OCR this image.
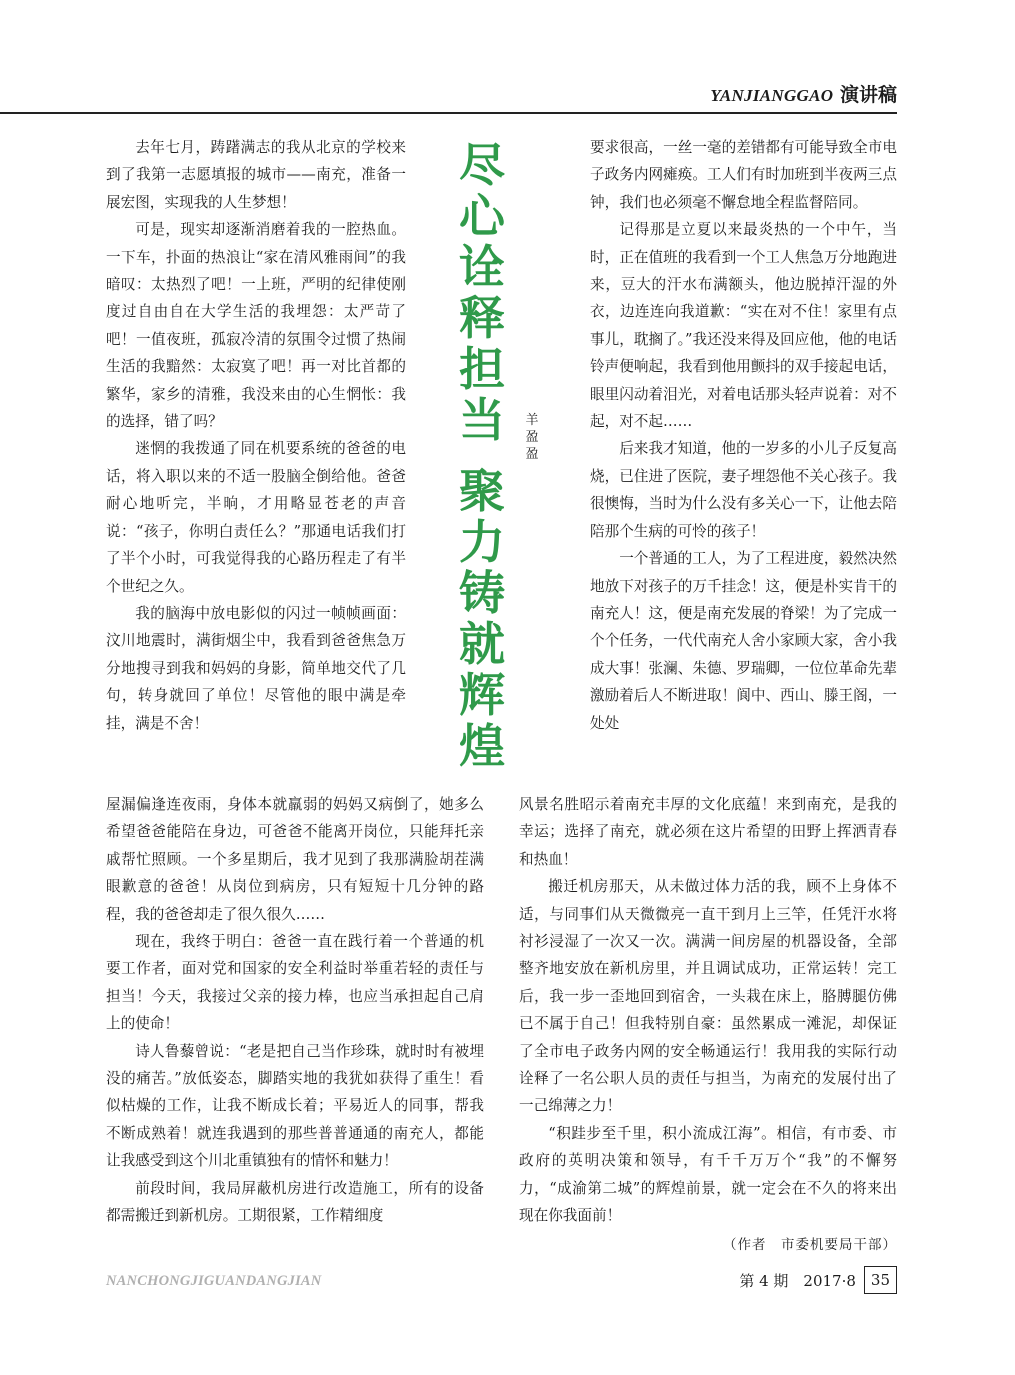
YANJIANGGAO 演讲稿
尽
心
诠
释
担
当
聚
力
铸
就
辉
煌
羊
盈
盈

去年七月，踌躇满志的我从北京的学校来到了我第一志愿填报的城市——南充，准备一展宏图，实现我的人生梦想！

可是，现实却逐渐消磨着我的一腔热血。一下车，扑面的热浪让“家在清风雅雨间”的我暗叹：太热烈了吧！一上班，严明的纪律使刚度过自由自在大学生活的我埋怨：太严苛了吧！一值夜班，孤寂冷清的氛围令过惯了热闹生活的我黯然：太寂寞了吧！再一对比首都的繁华，家乡的清雅，我没来由的心生惘怅：我的选择，错了吗？

迷惘的我拨通了同在机要系统的爸爸的电话，将入职以来的不适一股脑全倒给他。爸爸耐心地听完，半晌，才用略显苍老的声音说：“孩子，你明白责任么？”那通电话我们打了半个小时，可我觉得我的心路历程走了有半个世纪之久。

我的脑海中放电影似的闪过一帧帧画面：汶川地震时，满街烟尘中，我看到爸爸焦急万分地搜寻到我和妈妈的身影，简单地交代了几句，转身就回了单位！尽管他的眼中满是牵挂，满是不舍！

屋漏偏逢连夜雨，身体本就羸弱的妈妈又病倒了，她多么希望爸爸能陪在身边，可爸爸不能离开岗位，只能拜托亲戚帮忙照顾。一个多星期后，我才见到了我那满脸胡茬满眼歉意的爸爸！从岗位到病房，只有短短十几分钟的路程，我的爸爸却走了很久很久……

现在，我终于明白：爸爸一直在践行着一个普通的机要工作者，面对党和国家的安全利益时举重若轻的责任与担当！今天，我接过父亲的接力棒，也应当承担起自己肩上的使命！

诗人鲁藜曾说：“老是把自己当作珍珠，就时时有被埋没的痛苦。”放低姿态，脚踏实地的我犹如获得了重生！看似枯燥的工作，让我不断成长着；平易近人的同事，帮我不断成熟着！就连我遇到的那些普普通通的南充人，都能让我感受到这个川北重镇独有的情怀和魅力！

前段时间，我局屏蔽机房进行改造施工，所有的设备都需搬迁到新机房。工期很紧，工作精细度

要求很高，一丝一毫的差错都有可能导致全市电子政务内网瘫痪。工人们有时加班到半夜两三点钟，我们也必须毫不懈怠地全程监督陪同。

记得那是立夏以来最炎热的一个中午，当时，正在值班的我看到一个工人焦急万分地跑进来，豆大的汗水布满额头，他边脱掉汗湿的外衣，边连连向我道歉：“实在对不住！家里有点事儿，耽搁了。”我还没来得及回应他，他的电话铃声便响起，我看到他用颤抖的双手接起电话，眼里闪动着泪光，对着电话那头轻声说着：对不起，对不起……

后来我才知道，他的一岁多的小儿子反复高烧，已住进了医院，妻子埋怨他不关心孩子。我很懊悔，当时为什么没有多关心一下，让他去陪陪那个生病的可怜的孩子！

一个普通的工人，为了工程进度，毅然决然地放下对孩子的万千挂念！这，便是朴实肯干的南充人！这，便是南充发展的脊梁！为了完成一个个任务，一代代南充人舍小家顾大家，舍小我成大事！张澜、朱德、罗瑞卿，一位位革命先辈激励着后人不断进取！阆中、西山、滕王阁，一处处

风景名胜昭示着南充丰厚的文化底蕴！来到南充，是我的幸运；选择了南充，就必须在这片希望的田野上挥洒青春和热血！

搬迁机房那天，从未做过体力活的我，顾不上身体不适，与同事们从天微微亮一直干到月上三竿，任凭汗水将衬衫浸湿了一次又一次。满满一间房屋的机器设备，全部整齐地安放在新机房里，并且调试成功，正常运转！完工后，我一步一歪地回到宿舍，一头栽在床上，胳膊腿仿佛已不属于自己！但我特别自豪：虽然累成一滩泥，却保证了全市电子政务内网的安全畅通运行！我用我的实际行动诠释了一名公职人员的责任与担当，为南充的发展付出了一己绵薄之力！

“积跬步至千里，积小流成江海”。相信，有市委、市政府的英明决策和领导，有千千万万个“我”的不懈努力，“成渝第二城”的辉煌前景，就一定会在不久的将来出现在你我面前！

（作者　市委机要局干部）
NANCHONGJIGUANDANGJIAN	第 4 期　2017·8	35
